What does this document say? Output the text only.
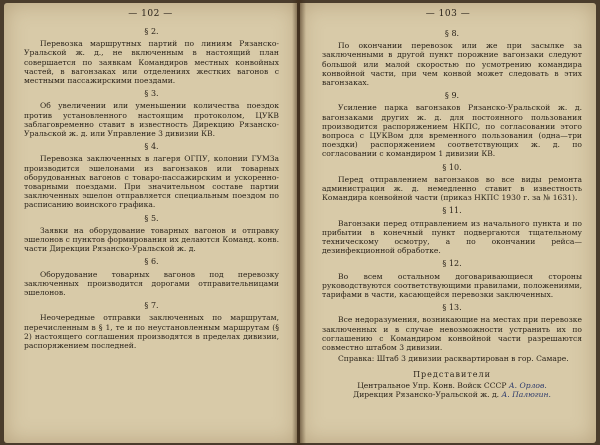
— 102 —
§ 2.

Перевозка маршрутных партий по линиям Рязанско-Уральской ж. д., не включенным в настоящий план совершается по заявкам Командиров местных конвойных частей, в вагонзаках или отделениях жестких вагонов с местными пассажирскими поездами.

§ 3.

Об увеличении или уменьшении количества поездок против установленного настоящим протоколом, ЦУКВ заблаговременно ставит в известность Дирекцию Рязанско-Уральской ж. д. или Управление 3 дивизии КВ.

§ 4.

Перевозка заключенных в лагеря ОГПУ, колонии ГУМЗа производится эшелонами из вагонзаков или товарных оборудованных вагонов с товаро-пассажирским и ускоренно-товарными поездами. При значительном составе партии заключенных эшелон отправляется специальным поездом по расписанию воинского графика.

§ 5.

Заявки на оборудование товарных вагонов и отправку эшелонов с пунктов формирования их делаются Команд. конв. части Дирекции Рязанско-Уральской ж. д.

§ 6.

Оборудование товарных вагонов под перевозку заключенных производится дорогами отправительницами эшелонов.

§ 7.

Неочередные отправки заключенных по маршрутам, перечисленным в § 1, те и по неустановленным маршрутам (§ 2) настоящего соглашения производятся в пределах дивизии, распоряжением последней.

— 103 —
§ 8.

По окончании перевозок или же при засылке за заключенными в другой пункт порожние вагонзаки следуют большой или малой скоростью по усмотрению командира конвойной части, при чем конвой может следовать в этих вагонзаках.

§ 9.

Усиление парка вагонзаков Рязанско-Уральской ж. д. вагонзаками других ж. д. для постоянного пользования производится распоряжением НКПС, по согласовании этого вопроса с ЦУКВом для временного пользования (одна—три поездки) распоряжением соответствующих ж. д. по согласовании с командиром 1 дивизии КВ.

§ 10.

Перед отправлением вагонзаков во все виды ремонта администрация ж. д. немедленно ставит в известность Командира конвойной части (приказ НКПС 1930 г. за № 1631).

§ 11.

Вагонзаки перед отправлением из начального пункта и по прибытии в конечный пункт подвергаются тщательному техническому осмотру, а по окончании рейса—дезинфекционной обработке.

§ 12.

Во всем остальном договаривающиеся стороны руководствуются соответствующими правилами, положениями, тарифами в части, касающейся перевозки заключенных.

§ 13.

Все недоразумения, возникающие на местах при перевозке заключенных и в случае невозможности устранить их по соглашению с Командиром конвойной части разрешаются совместно штабом 3 дивизии.

Справка: Штаб 3 дивизии расквартирован в гор. Самаре.

Представители

Центральное Упр. Конв. Войск СССР А. Орлов.

Дирекция Рязанско-Уральской ж. д. А. Палюгин.
